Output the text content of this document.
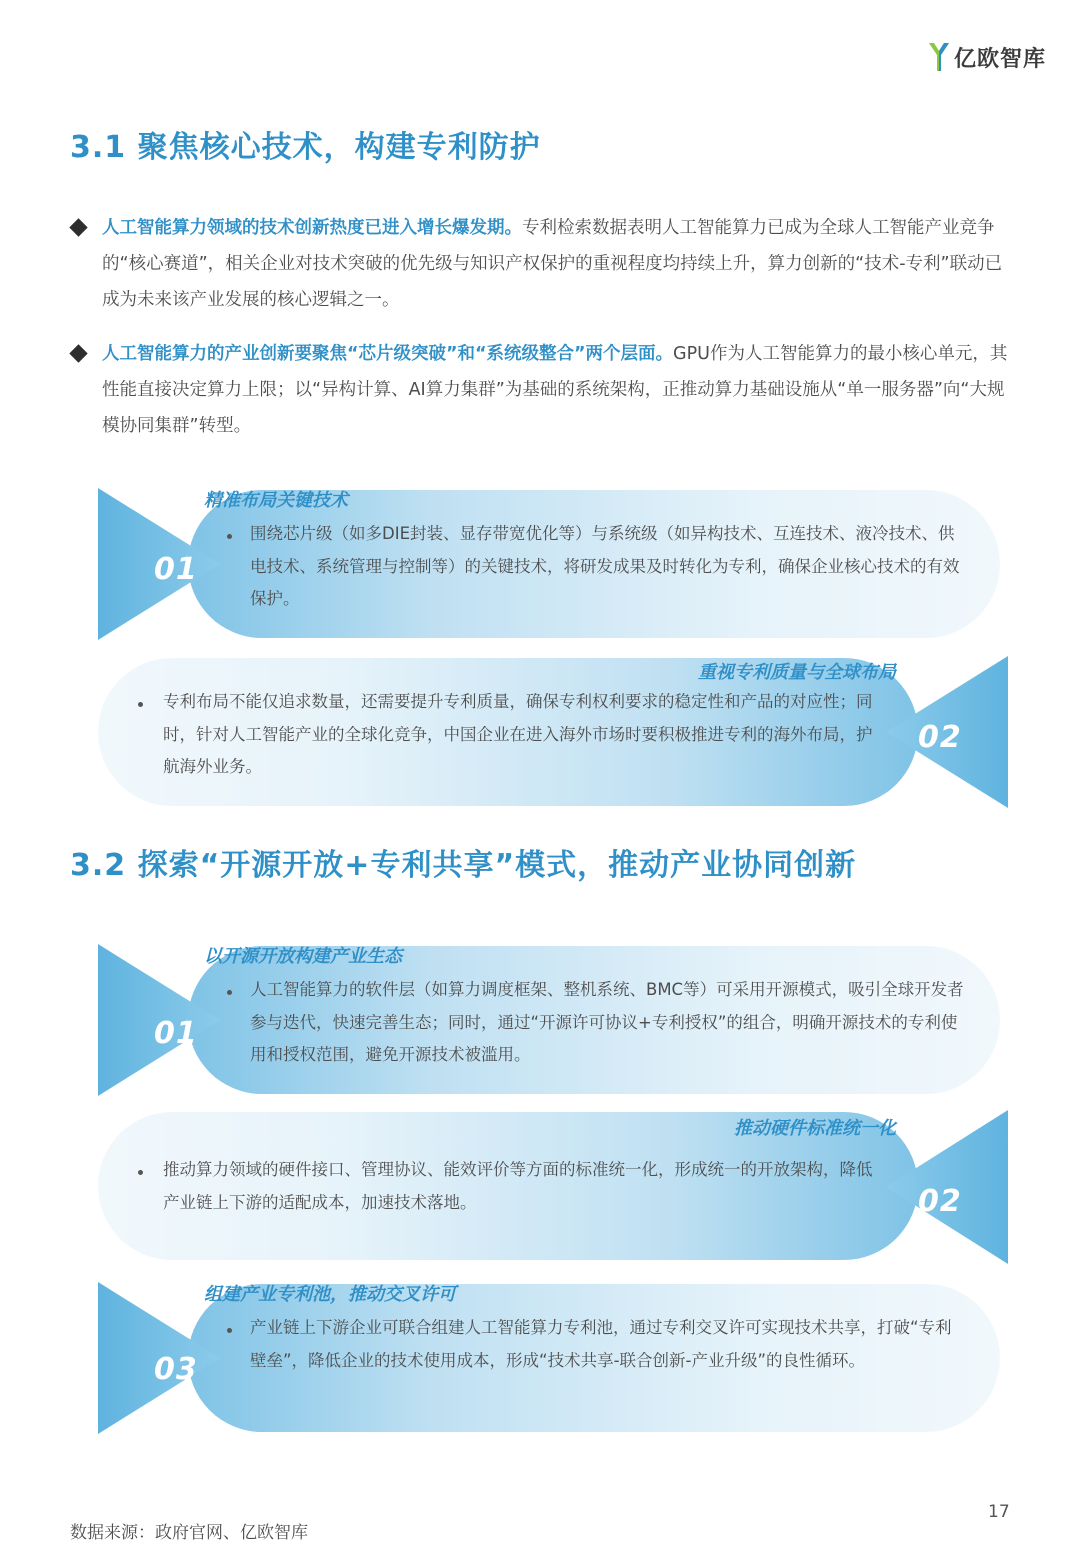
亿欧智库
3.1 聚焦核心技术，构建专利防护
人工智能算力领域的技术创新热度已进入增长爆发期。专利检索数据表明人工智能算力已成为全球人工智能产业竞争的“核心赛道”，相关企业对技术突破的优先级与知识产权保护的重视程度均持续上升，算力创新的“技术-专利”联动已成为未来该产业发展的核心逻辑之一。
人工智能算力的产业创新要聚焦“芯片级突破”和“系统级整合”两个层面。GPU作为人工智能算力的最小核心单元，其性能直接决定算力上限；以“异构计算、AI算力集群”为基础的系统架构，正推动算力基础设施从“单一服务器”向“大规模协同集群”转型。
01
精准布局关键技术
围绕芯片级（如多DIE封装、显存带宽优化等）与系统级（如异构技术、互连技术、液冷技术、供电技术、系统管理与控制等）的关键技术，将研发成果及时转化为专利，确保企业核心技术的有效保护。
02
重视专利质量与全球布局
专利布局不能仅追求数量，还需要提升专利质量，确保专利权利要求的稳定性和产品的对应性；同时，针对人工智能产业的全球化竞争，中国企业在进入海外市场时要积极推进专利的海外布局，护航海外业务。
3.2 探索“开源开放+专利共享”模式，推动产业协同创新
01
以开源开放构建产业生态
人工智能算力的软件层（如算力调度框架、整机系统、BMC等）可采用开源模式，吸引全球开发者参与迭代，快速完善生态；同时，通过“开源许可协议+专利授权”的组合，明确开源技术的专利使用和授权范围，避免开源技术被滥用。
02
推动硬件标准统一化
推动算力领域的硬件接口、管理协议、能效评价等方面的标准统一化，形成统一的开放架构，降低产业链上下游的适配成本，加速技术落地。
03
组建产业专利池，推动交叉许可
产业链上下游企业可联合组建人工智能算力专利池，通过专利交叉许可实现技术共享，打破“专利壁垒”，降低企业的技术使用成本，形成“技术共享-联合创新-产业升级”的良性循环。
数据来源：政府官网、亿欧智库
17
